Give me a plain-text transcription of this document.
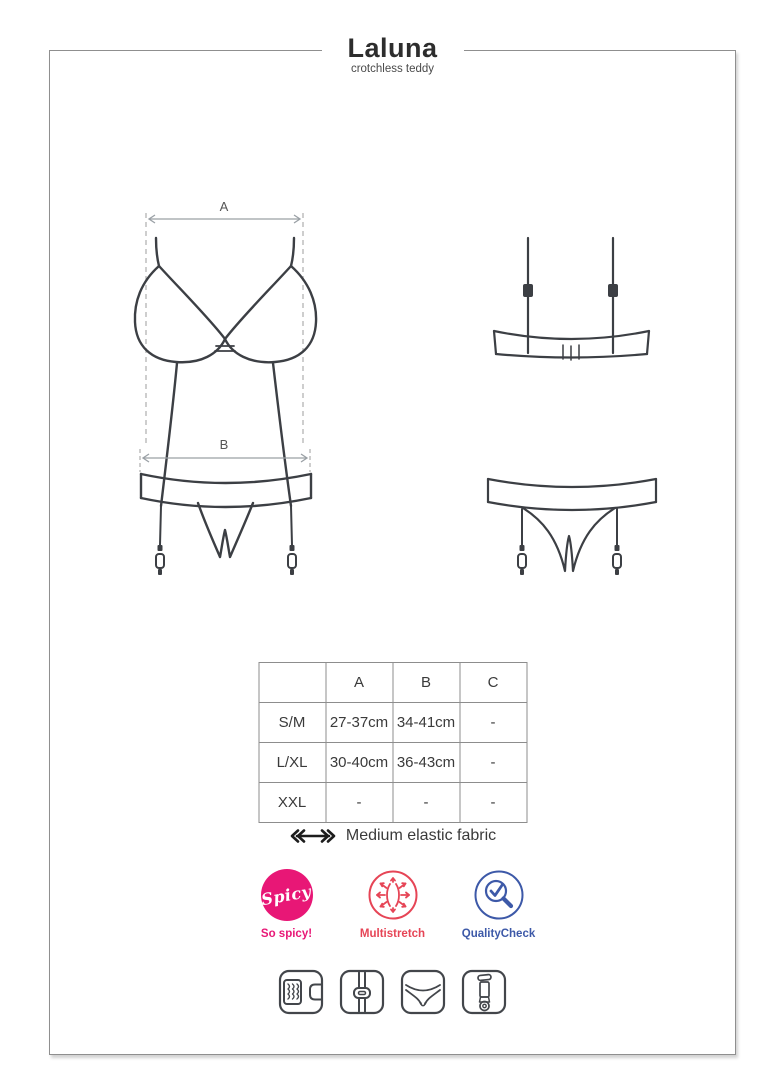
Laluna
crotchless teddy
A
B
	A	B	C
S/M	27-37cm	34-41cm	-
L/XL	30-40cm	36-43cm	-
XXL	-	-	-
Medium elastic fabric
Spicy
So spicy!	Multistretch	QualityCheck
